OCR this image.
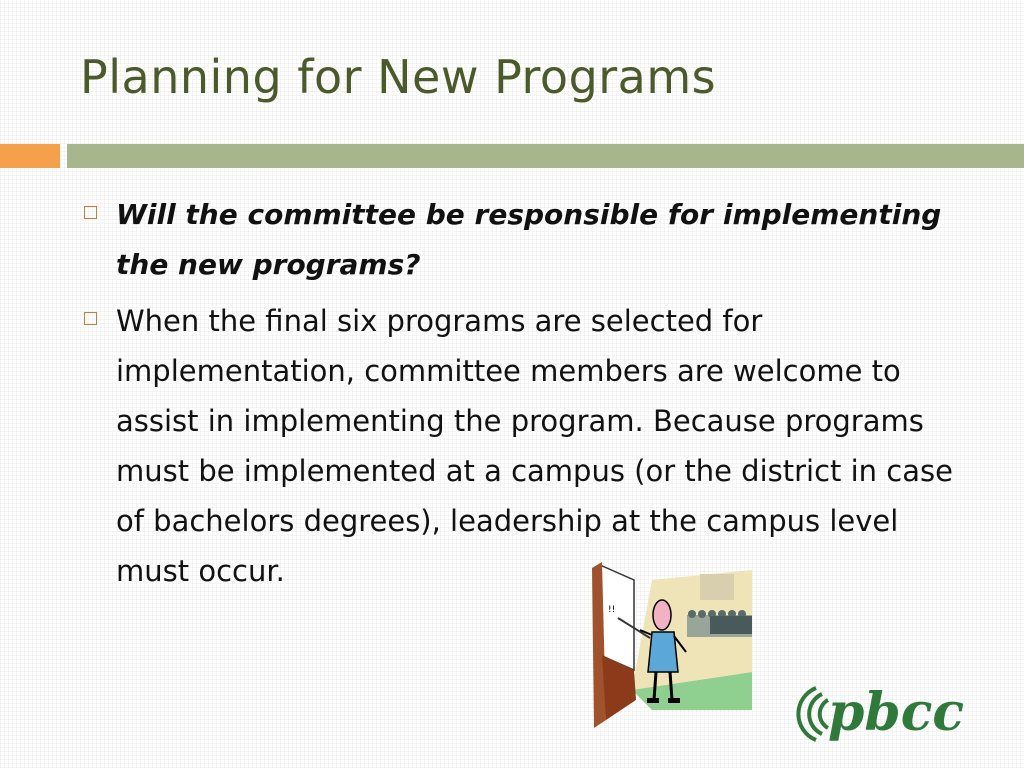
Planning for New Programs
Will the committee be responsible for implementing the new programs?
When the final six programs are selected for implementation, committee members are welcome to assist in implementing the program. Because programs must be implemented at a campus (or the district in case of bachelors degrees), leadership at the campus level must occur.
!!
pbcc
